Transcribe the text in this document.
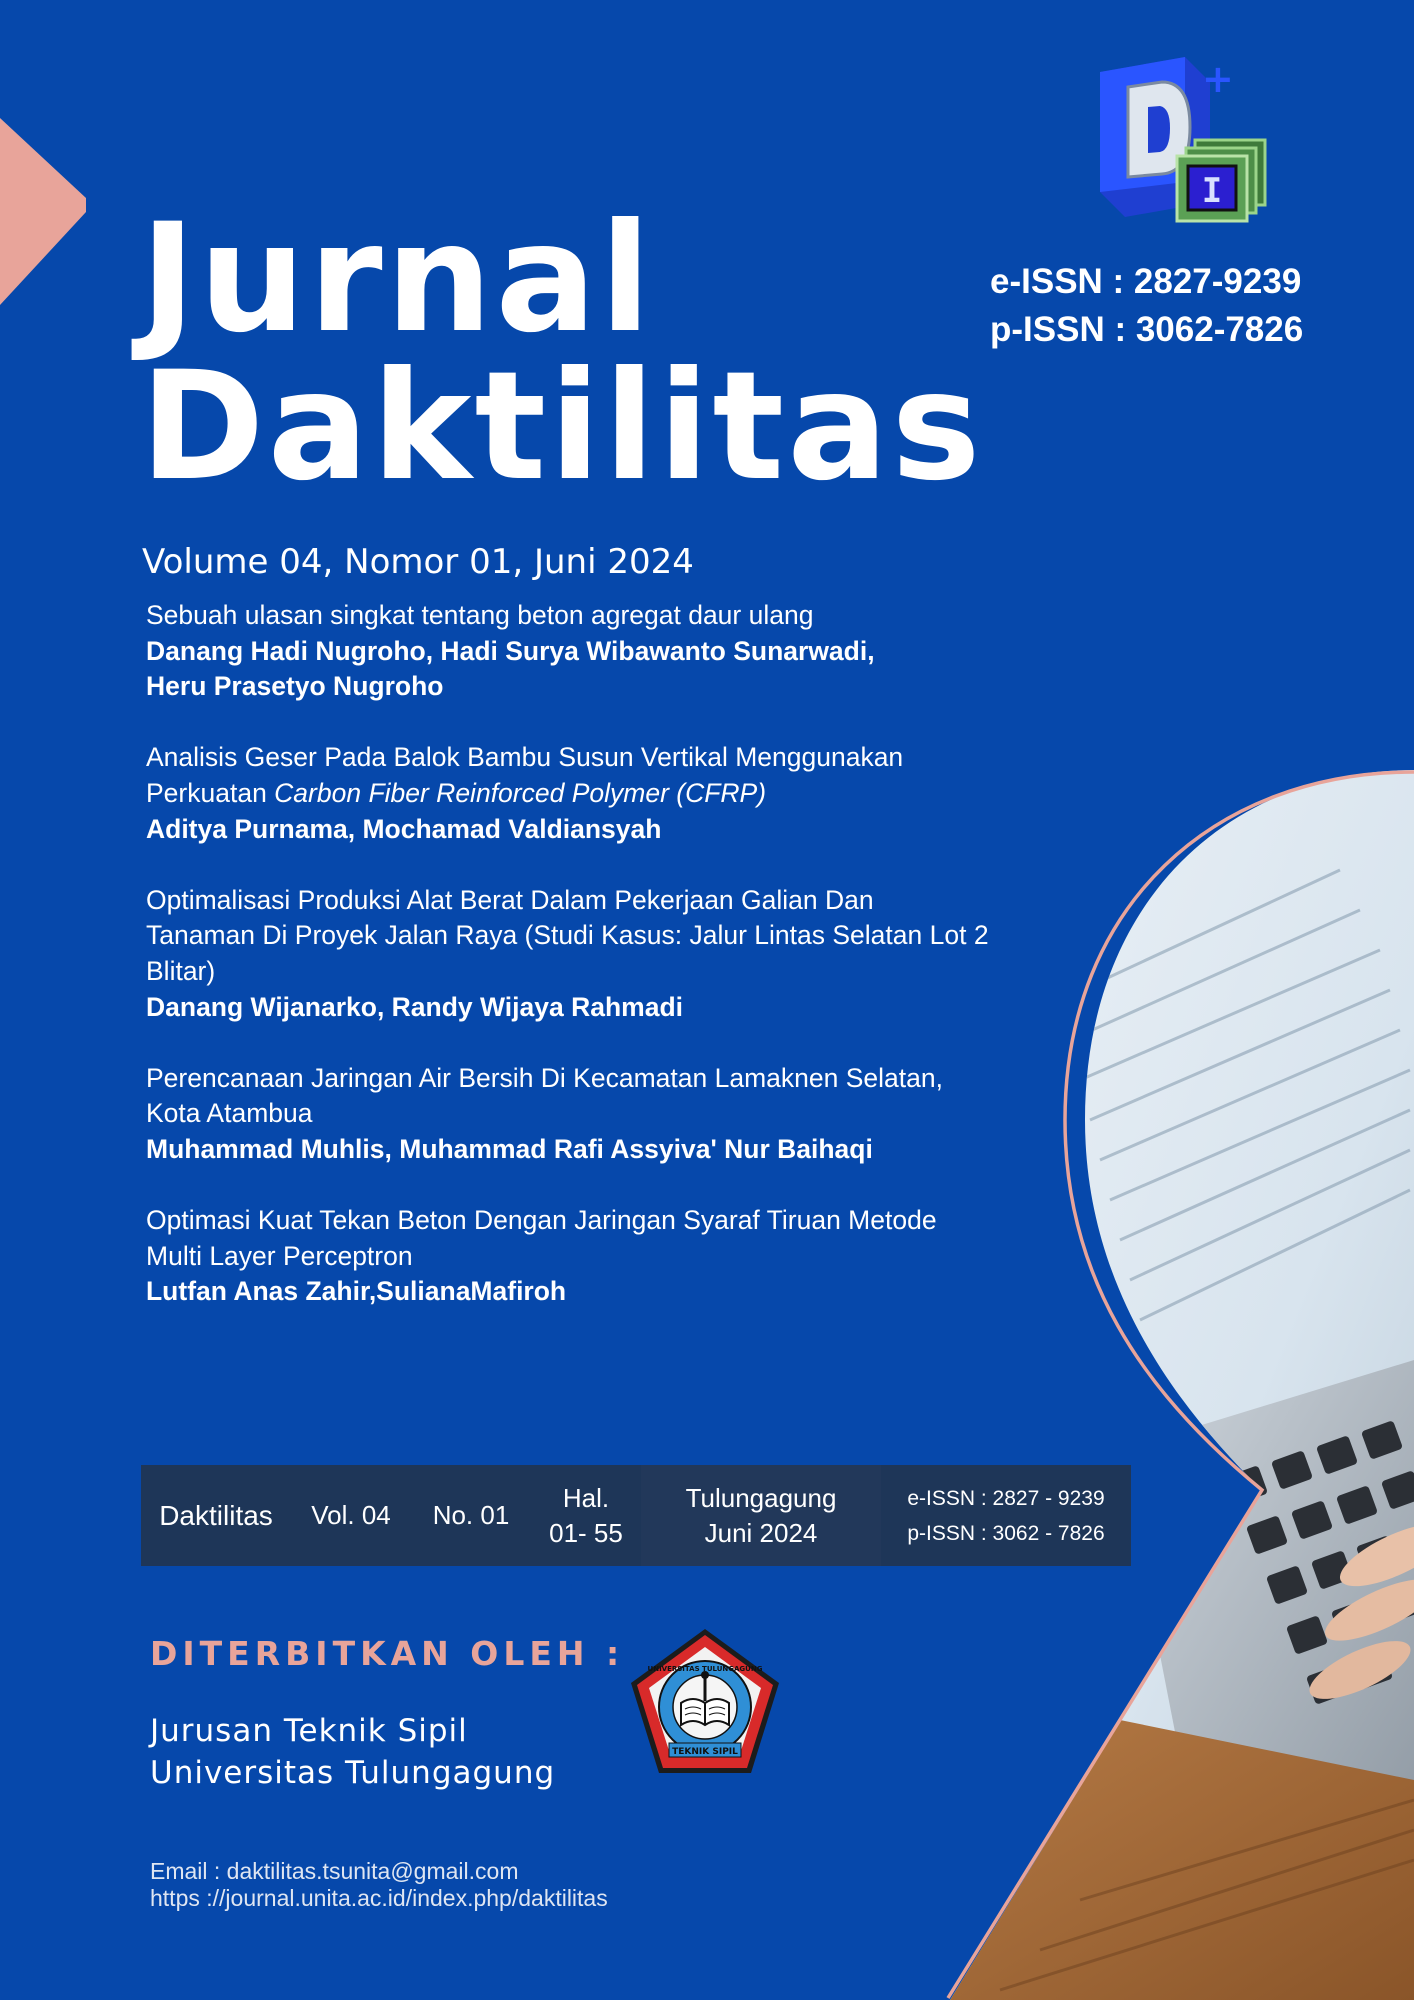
+
I
Jurnal
Daktilitas
e-ISSN : 2827-9239
p-ISSN : 3062-7826
Volume 04, Nomor 01, Juni 2024
Sebuah ulasan singkat tentang beton agregat daur ulang
Danang Hadi Nugroho, Hadi Surya Wibawanto Sunarwadi,
Heru Prasetyo Nugroho
Analisis Geser Pada Balok Bambu Susun Vertikal Menggunakan
Perkuatan Carbon Fiber Reinforced Polymer (CFRP)
Aditya Purnama, Mochamad Valdiansyah
Optimalisasi Produksi Alat Berat Dalam Pekerjaan Galian Dan
Tanaman Di Proyek Jalan Raya (Studi Kasus: Jalur Lintas Selatan Lot 2
Blitar)
Danang Wijanarko, Randy Wijaya Rahmadi
Perencanaan Jaringan Air Bersih Di Kecamatan Lamaknen Selatan,
Kota Atambua
Muhammad Muhlis, Muhammad Rafi Assyiva' Nur Baihaqi
Optimasi Kuat Tekan Beton Dengan Jaringan Syaraf Tiruan Metode
Multi Layer Perceptron
Lutfan Anas Zahir,SulianaMafiroh
Daktilitas Vol. 04 No. 01
Hal.
01- 55
Tulungagung
Juni 2024
e-ISSN : 2827 - 9239
p-ISSN : 3062 - 7826
DITERBITKAN OLEH :
Jurusan Teknik Sipil
Universitas Tulungagung
UNIVERSITAS TULUNGAGUNG
TEKNIK SIPIL
Email : daktilitas.tsunita@gmail.com
https ://journal.unita.ac.id/index.php/daktilitas
